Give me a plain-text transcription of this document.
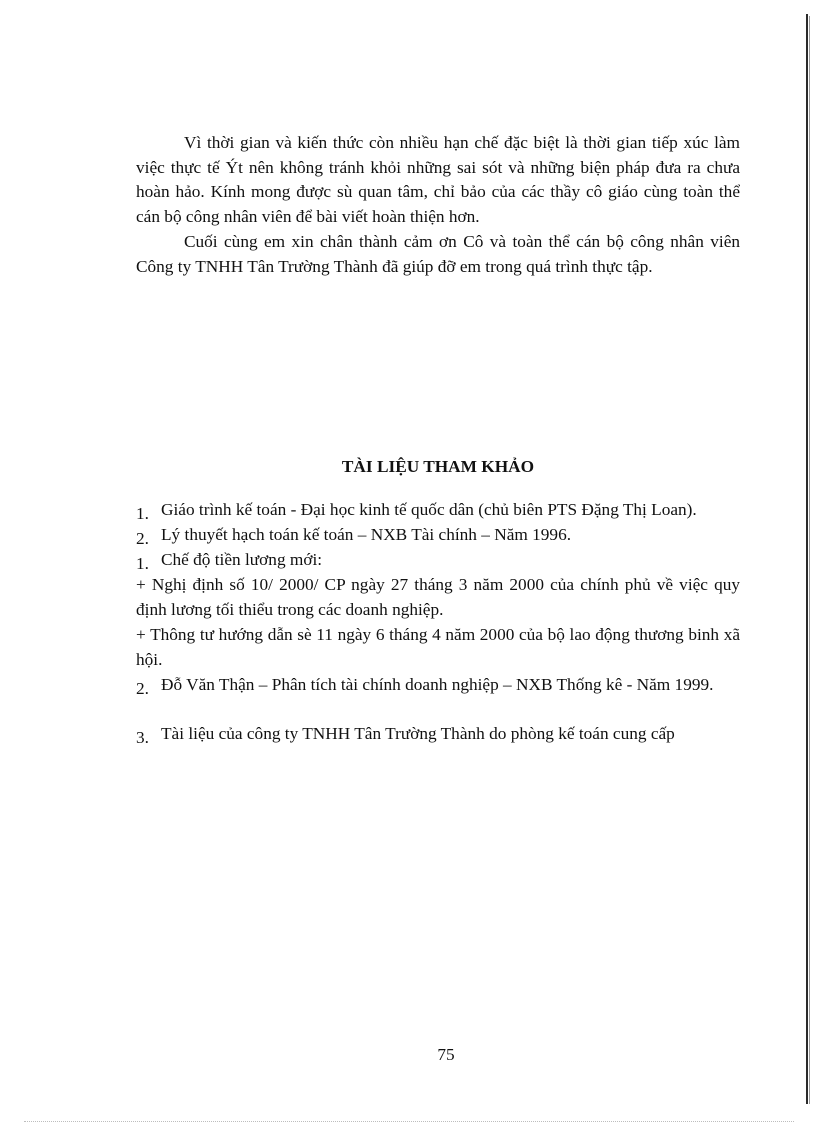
Vì thời gian và kiến thức còn nhiều hạn chế đặc biệt là thời gian tiếp xúc làm việc thực tế Ýt nên không tránh khỏi những sai sót và những biện pháp đưa ra chưa hoàn hảo. Kính mong được sù quan tâm, chỉ bảo của các thầy cô giáo cùng toàn thể cán bộ công nhân viên để bài viết hoàn thiện hơn.

Cuối cùng em xin chân thành cảm ơn Cô và toàn thể cán bộ công nhân viên Công ty TNHH Tân Trường Thành đã giúp đỡ em trong quá trình thực tập.

TÀI LIỆU THAM KHẢO
1. Giáo trình kế toán - Đại học kinh tế quốc dân (chủ biên PTS Đặng Thị Loan).
2. Lý thuyết hạch toán kế toán – NXB Tài chính – Năm 1996.
1. Chế độ tiền lương mới:

+ Nghị định số 10/ 2000/ CP ngày 27 tháng 3 năm 2000 của chính phủ về việc quy định lương tối thiểu trong các doanh nghiệp.

+ Thông tư hướng dẫn sè 11 ngày 6 tháng 4 năm 2000 của bộ lao động thương binh xã hội.

2. Đỗ Văn Thận – Phân tích tài chính doanh nghiệp – NXB Thống kê - Năm 1999.
3. Tài liệu của công ty TNHH Tân Trường Thành do phòng kế toán cung cấp
75
